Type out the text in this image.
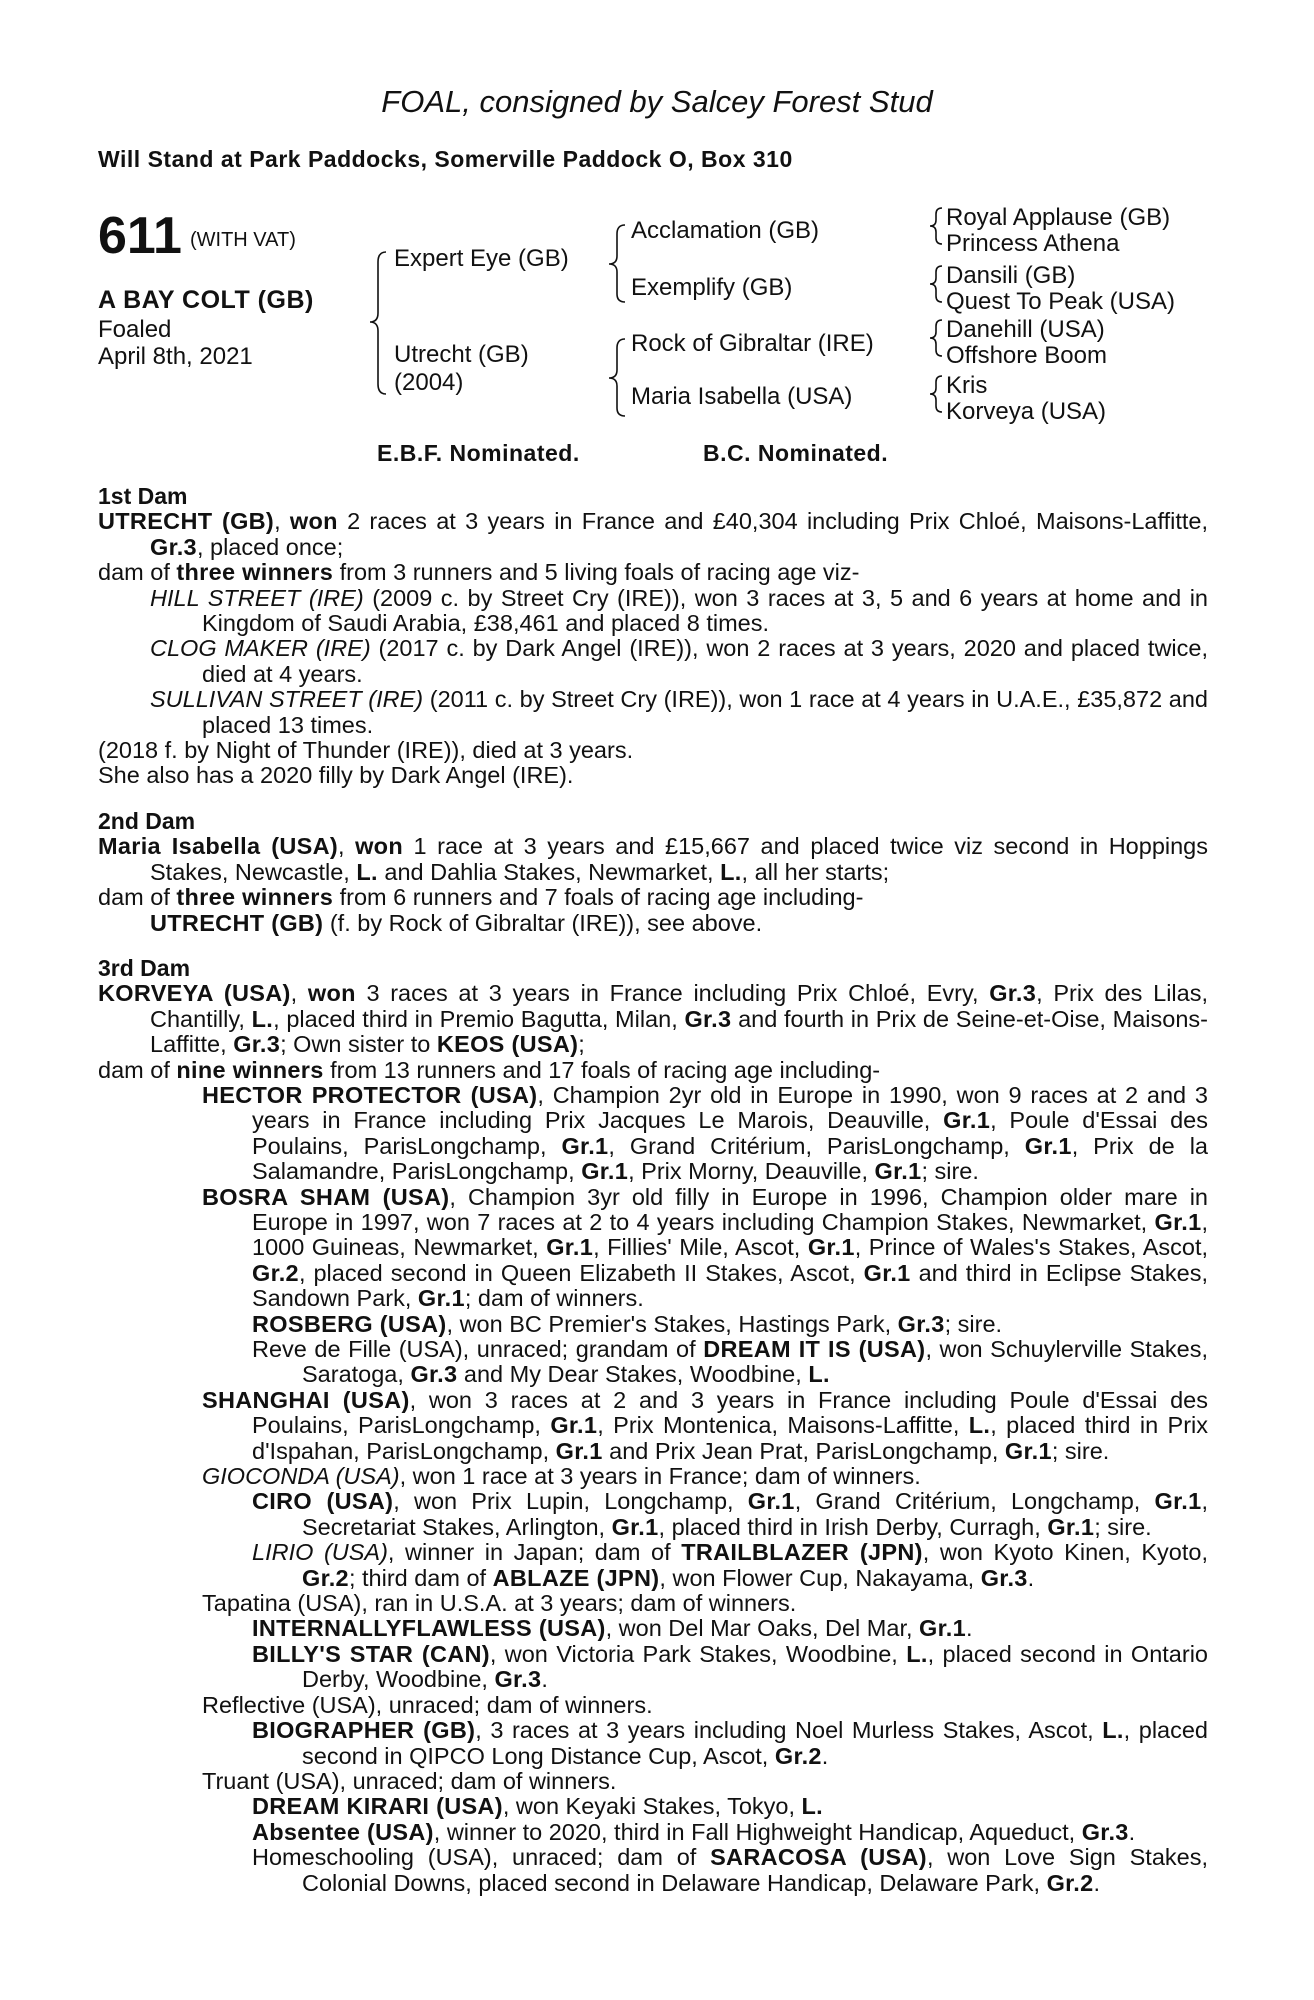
FOAL, consigned by Salcey Forest Stud
Will Stand at Park Paddocks, Somerville Paddock O, Box 310
611 (WITH VAT)
A BAY COLT (GB)
Foaled
April 8th, 2021
Expert Eye (GB)
Utrecht (GB)
(2004)
Acclamation (GB)
Exemplify (GB)
Rock of Gibraltar (IRE)
Maria Isabella (USA)
Royal Applause (GB)
Princess Athena
Dansili (GB)
Quest To Peak (USA)
Danehill (USA)
Offshore Boom
Kris
Korveya (USA)
E.B.F. Nominated.	B.C. Nominated.
1st Dam
UTRECHT (GB), won 2 races at 3 years in France and £40,304 including Prix Chloé, Maisons-Laffitte, Gr.3, placed once;
dam of three winners from 3 runners and 5 living foals of racing age viz-
HILL STREET (IRE) (2009 c. by Street Cry (IRE)), won 3 races at 3, 5 and 6 years at home and in Kingdom of Saudi Arabia, £38,461 and placed 8 times.
CLOG MAKER (IRE) (2017 c. by Dark Angel (IRE)), won 2 races at 3 years, 2020 and placed twice, died at 4 years.
SULLIVAN STREET (IRE) (2011 c. by Street Cry (IRE)), won 1 race at 4 years in U.A.E., £35,872 and placed 13 times.
(2018 f. by Night of Thunder (IRE)), died at 3 years.
She also has a 2020 filly by Dark Angel (IRE).
2nd Dam
Maria Isabella (USA), won 1 race at 3 years and £15,667 and placed twice viz second in Hoppings Stakes, Newcastle, L. and Dahlia Stakes, Newmarket, L., all her starts;
dam of three winners from 6 runners and 7 foals of racing age including-
UTRECHT (GB) (f. by Rock of Gibraltar (IRE)), see above.
3rd Dam
KORVEYA (USA), won 3 races at 3 years in France including Prix Chloé, Evry, Gr.3, Prix des Lilas, Chantilly, L., placed third in Premio Bagutta, Milan, Gr.3 and fourth in Prix de Seine-et-Oise, Maisons-Laffitte, Gr.3; Own sister to KEOS (USA);
dam of nine winners from 13 runners and 17 foals of racing age including-
HECTOR PROTECTOR (USA), Champion 2yr old in Europe in 1990, won 9 races at 2 and 3 years in France including Prix Jacques Le Marois, Deauville, Gr.1, Poule d'Essai des Poulains, ParisLongchamp, Gr.1, Grand Critérium, ParisLongchamp, Gr.1, Prix de la Salamandre, ParisLongchamp, Gr.1, Prix Morny, Deauville, Gr.1; sire.
BOSRA SHAM (USA), Champion 3yr old filly in Europe in 1996, Champion older mare in Europe in 1997, won 7 races at 2 to 4 years including Champion Stakes, Newmarket, Gr.1, 1000 Guineas, Newmarket, Gr.1, Fillies' Mile, Ascot, Gr.1, Prince of Wales's Stakes, Ascot, Gr.2, placed second in Queen Elizabeth II Stakes, Ascot, Gr.1 and third in Eclipse Stakes, Sandown Park, Gr.1; dam of winners.
ROSBERG (USA), won BC Premier's Stakes, Hastings Park, Gr.3; sire.
Reve de Fille (USA), unraced; grandam of DREAM IT IS (USA), won Schuylerville Stakes, Saratoga, Gr.3 and My Dear Stakes, Woodbine, L.
SHANGHAI (USA), won 3 races at 2 and 3 years in France including Poule d'Essai des Poulains, ParisLongchamp, Gr.1, Prix Montenica, Maisons-Laffitte, L., placed third in Prix d'Ispahan, ParisLongchamp, Gr.1 and Prix Jean Prat, ParisLongchamp, Gr.1; sire.
GIOCONDA (USA), won 1 race at 3 years in France; dam of winners.
CIRO (USA), won Prix Lupin, Longchamp, Gr.1, Grand Critérium, Longchamp, Gr.1, Secretariat Stakes, Arlington, Gr.1, placed third in Irish Derby, Curragh, Gr.1; sire.
LIRIO (USA), winner in Japan; dam of TRAILBLAZER (JPN), won Kyoto Kinen, Kyoto, Gr.2; third dam of ABLAZE (JPN), won Flower Cup, Nakayama, Gr.3.
Tapatina (USA), ran in U.S.A. at 3 years; dam of winners.
INTERNALLYFLAWLESS (USA), won Del Mar Oaks, Del Mar, Gr.1.
BILLY'S STAR (CAN), won Victoria Park Stakes, Woodbine, L., placed second in Ontario Derby, Woodbine, Gr.3.
Reflective (USA), unraced; dam of winners.
BIOGRAPHER (GB), 3 races at 3 years including Noel Murless Stakes, Ascot, L., placed second in QIPCO Long Distance Cup, Ascot, Gr.2.
Truant (USA), unraced; dam of winners.
DREAM KIRARI (USA), won Keyaki Stakes, Tokyo, L.
Absentee (USA), winner to 2020, third in Fall Highweight Handicap, Aqueduct, Gr.3.
Homeschooling (USA), unraced; dam of SARACOSA (USA), won Love Sign Stakes, Colonial Downs, placed second in Delaware Handicap, Delaware Park, Gr.2.
